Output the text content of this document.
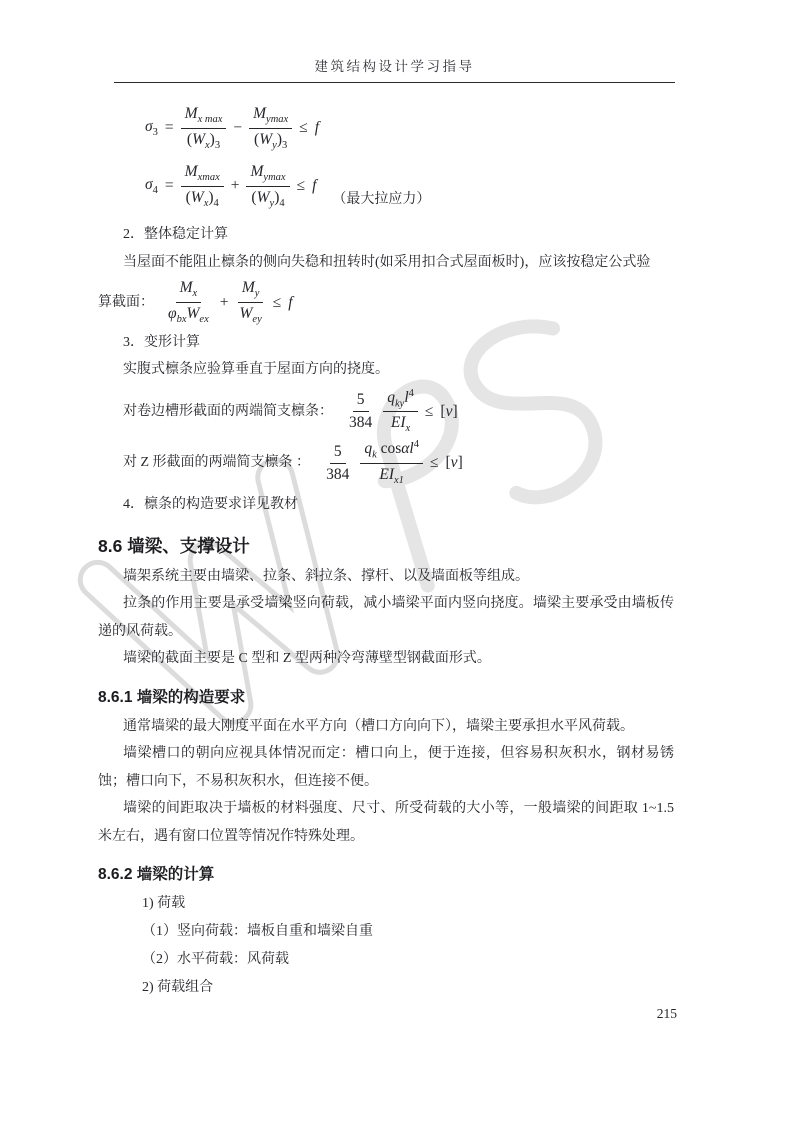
建筑结构设计学习指导
$\sigma_3 = \frac{M_{x max}}{(W_x)_3} - \frac{M_{ymax}}{(W_y)_3} \le f$
$\sigma_4 = \frac{M_{xmax}}{(W_x)_4} + \frac{M_{ymax}}{(W_y)_4} \le f$
（最大拉应力）

2．整体稳定计算

当屋面不能阻止檩条的侧向失稳和扭转时(如采用扣合式屋面板时)，应该按稳定公式验

算截面： $\frac{M_x}{\varphi_{bx}W_{ex}} + \frac{M_y}{W_{ey}} \le f$

3．变形计算

实腹式檩条应验算垂直于屋面方向的挠度。

对卷边槽形截面的两端简支檩条： $\frac{5}{384} \frac{q_{ky}l^4}{EI_x} \le [v]$
对 Z 形截面的两端简支檩条 ： $\frac{5}{384} \frac{q_k \cos\alpha l^4}{EI_{x1}} \le [v]$

4．檩条的构造要求详见教材

8.6 墙梁、支撑设计

墙架系统主要由墙梁、拉条、斜拉条、撑杆、以及墙面板等组成。

拉条的作用主要是承受墙梁竖向荷载，减小墙梁平面内竖向挠度。墙梁主要承受由墙板传递的风荷载。

墙梁的截面主要是 C 型和 Z 型两种冷弯薄壁型钢截面形式。

8.6.1 墙梁的构造要求

通常墙梁的最大刚度平面在水平方向（槽口方向向下），墙梁主要承担水平风荷载。

墙梁槽口的朝向应视具体情况而定：槽口向上，便于连接，但容易积灰积水，钢材易锈蚀；槽口向下，不易积灰积水，但连接不便。

墙梁的间距取决于墙板的材料强度、尺寸、所受荷载的大小等，一般墙梁的间距取 1~1.5 米左右，遇有窗口位置等情况作特殊处理。

8.6.2 墙梁的计算
1) 荷载
（1）竖向荷载：墙板自重和墙梁自重
（2）水平荷载：风荷载
2) 荷载组合
215
